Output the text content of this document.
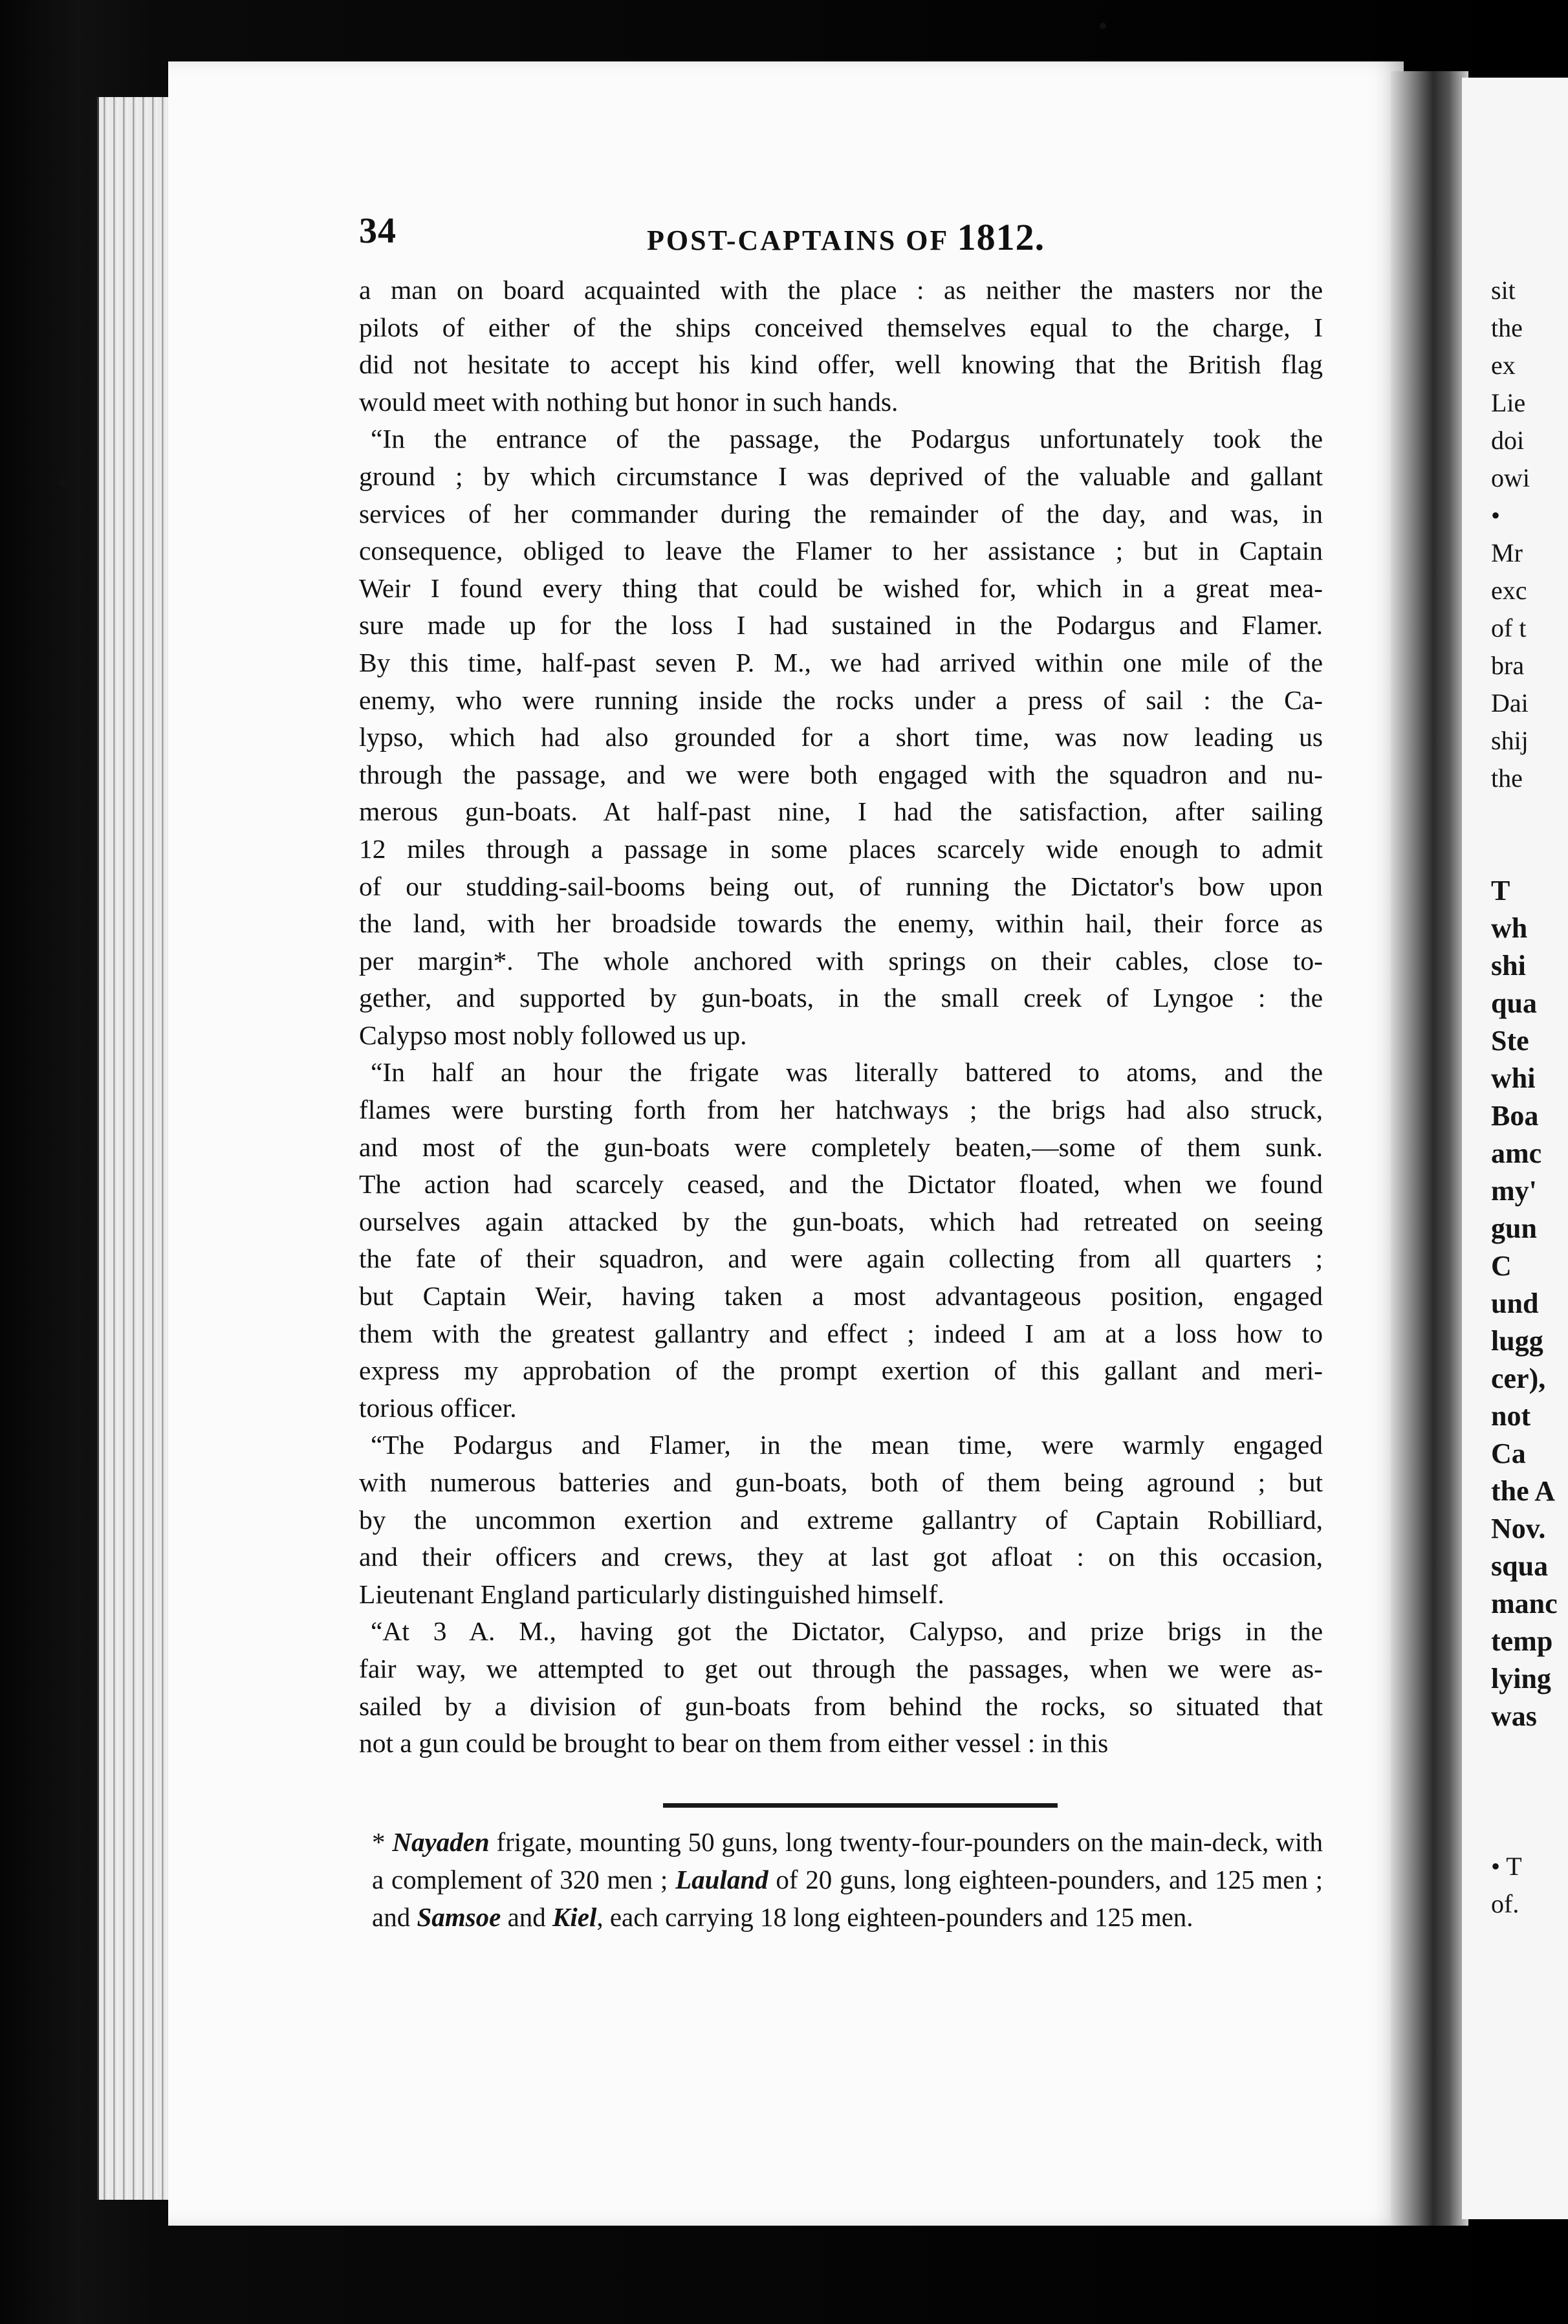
34	POST-CAPTAINS OF 1812.

a man on board acquainted with the place : as neither the masters nor the

pilots of either of the ships conceived themselves equal to the charge, I

did not hesitate to accept his kind offer, well knowing that the British flag

would meet with nothing but honor in such hands.

“In the entrance of the passage, the Podargus unfortunately took the

ground ; by which circumstance I was deprived of the valuable and gallant

services of her commander during the remainder of the day, and was, in

consequence, obliged to leave the Flamer to her assistance ; but in Captain

Weir I found every thing that could be wished for, which in a great mea-

sure made up for the loss I had sustained in the Podargus and Flamer.

By this time, half-past seven P. M., we had arrived within one mile of the

enemy, who were running inside the rocks under a press of sail : the Ca-

lypso, which had also grounded for a short time, was now leading us

through the passage, and we were both engaged with the squadron and nu-

merous gun-boats. At half-past nine, I had the satisfaction, after sailing

12 miles through a passage in some places scarcely wide enough to admit

of our studding-sail-booms being out, of running the Dictator's bow upon

the land, with her broadside towards the enemy, within hail, their force as

per margin*. The whole anchored with springs on their cables, close to-

gether, and supported by gun-boats, in the small creek of Lyngoe : the

Calypso most nobly followed us up.

“In half an hour the frigate was literally battered to atoms, and the

flames were bursting forth from her hatchways ; the brigs had also struck,

and most of the gun-boats were completely beaten,—some of them sunk.

The action had scarcely ceased, and the Dictator floated, when we found

ourselves again attacked by the gun-boats, which had retreated on seeing

the fate of their squadron, and were again collecting from all quarters ;

but Captain Weir, having taken a most advantageous position, engaged

them with the greatest gallantry and effect ; indeed I am at a loss how to

express my approbation of the prompt exertion of this gallant and meri-

torious officer.

“The Podargus and Flamer, in the mean time, were warmly engaged

with numerous batteries and gun-boats, both of them being aground ; but

by the uncommon exertion and extreme gallantry of Captain Robilliard,

and their officers and crews, they at last got afloat : on this occasion,

Lieutenant England particularly distinguished himself.

“At 3 A. M., having got the Dictator, Calypso, and prize brigs in the

fair way, we attempted to get out through the passages, when we were as-

sailed by a division of gun-boats from behind the rocks, so situated that

not a gun could be brought to bear on them from either vessel : in this

* Nayaden frigate, mounting 50 guns, long twenty-four-pounders on the main-deck, with a complement of 320 men ; Lauland of 20 guns, long eighteen-pounders, and 125 men ; and Samsoe and Kiel, each carrying 18 long eighteen-pounders and 125 men.
sit
the
ex
Lie
doi
owi
•
Mr
exc
of t
bra
Dai
shij
the
T
wh
shi
qua
Ste
whi
Boa
amc
my'
gun
C
und
lugg
cer),
not
Ca
the A
Nov.
squa
manc
temp
lying
was
• T
of.
